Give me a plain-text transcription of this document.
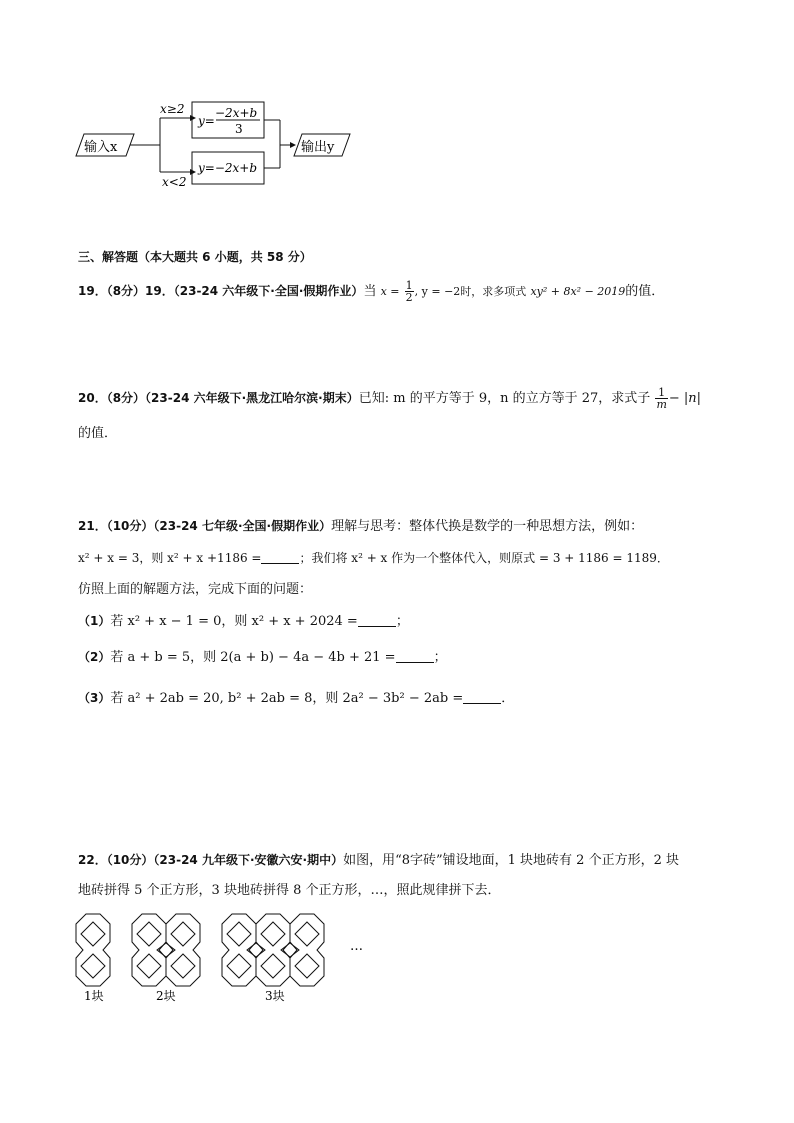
输入x
x≥2
x<2
y=
−2x+b
3
y=−2x+b
输出y
三、解答题（本大题共 6 小题，共 58 分）
19．（8分）19．（23-24 六年级下·全国·假期作业）当 $x = \frac{1}{2}$ , y = −2时，求多项式 xy² + 8x² − 2019的值．
20．（8分）（23-24 六年级下·黑龙江哈尔滨·期末）已知: m 的平方等于 9，n 的立方等于 27，求式子 $\frac{1}{m} - |n|$
的值．
21．（10分）（23-24 七年级·全国·假期作业）理解与思考：整体代换是数学的一种思想方法，例如：
x² + x = 3，则 x² + x +1186 =	；我们将 x² + x 作为一个整体代入，则原式 = 3 + 1186 = 1189．
仿照上面的解题方法，完成下面的问题：
（1）若 x² + x − 1 = 0，则 x² + x + 2024 =	；
（2）若 a + b = 5，则 2(a + b) − 4a − 4b + 21 =	；
（3）若 a² + 2ab = 20, b² + 2ab = 8，则 2a² − 3b² − 2ab =	．
22．（10分）（23-24 九年级下·安徽六安·期中）如图，用“8字砖”铺设地面，1 块地砖有 2 个正方形，2 块
地砖拼得 5 个正方形，3 块地砖拼得 8 个正方形，…，照此规律拼下去．
…
1块	2块	3块
